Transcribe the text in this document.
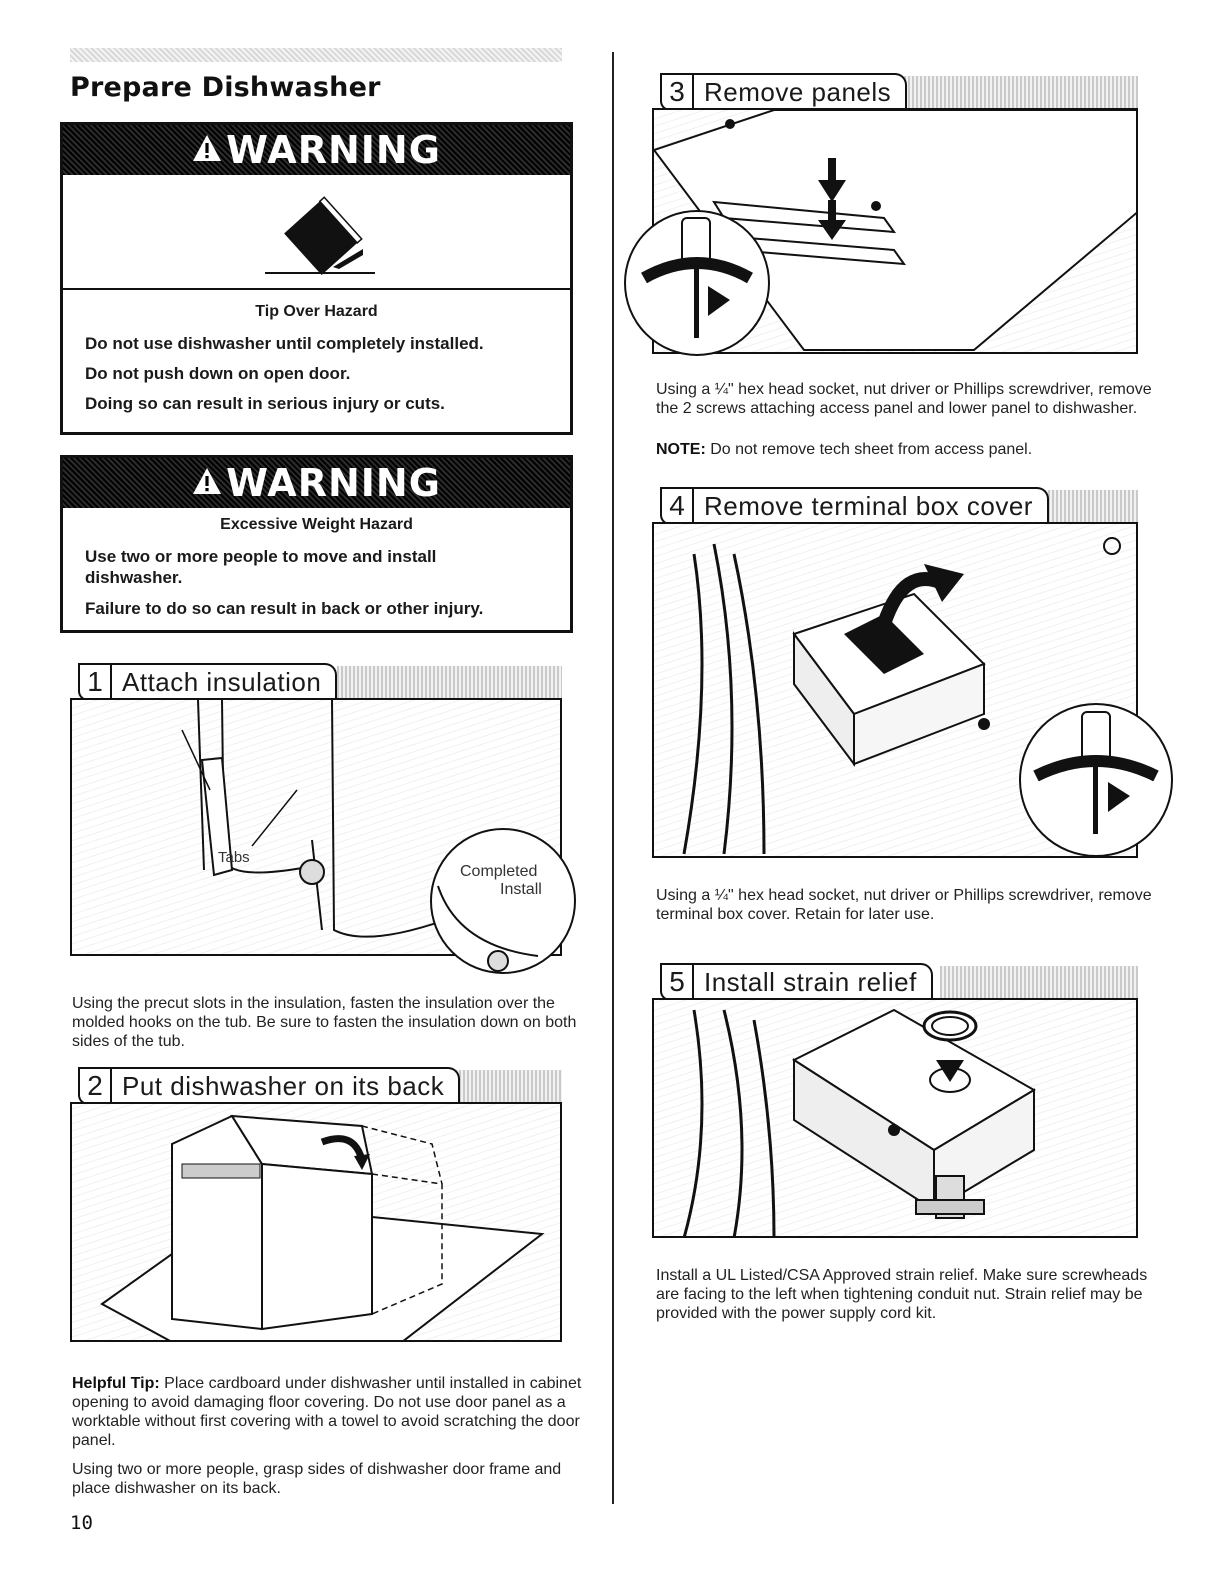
Prepare Dishwasher
WARNING
Tip Over Hazard
Do not use dishwasher until completely installed.
Do not push down on open door.
Doing so can result in serious injury or cuts.
WARNING
Excessive Weight Hazard
Use two or more people to move and install dishwasher.
Failure to do so can result in back or other injury.
1 Attach insulation
Tabs
Completed
Install
Using the precut slots in the insulation, fasten the insulation over the molded hooks on the tub. Be sure to fasten the insulation down on both sides of the tub.
2 Put dishwasher on its back
Helpful Tip: Place cardboard under dishwasher until installed in cabinet opening to avoid damaging floor covering. Do not use door panel as a worktable without first covering with a towel to avoid scratching the door panel.
Using two or more people, grasp sides of dishwasher door frame and place dishwasher on its back.
3 Remove panels
Using a ¼" hex head socket, nut driver or Phillips screwdriver, remove the 2 screws attaching access panel and lower panel to dishwasher.
NOTE: Do not remove tech sheet from access panel.
4 Remove terminal box cover
Using a ¼" hex head socket, nut driver or Phillips screwdriver, remove terminal box cover. Retain for later use.
5 Install strain relief
Install a UL Listed/CSA Approved strain relief. Make sure screwheads are facing to the left when tightening conduit nut. Strain relief may be provided with the power supply cord kit.
10
